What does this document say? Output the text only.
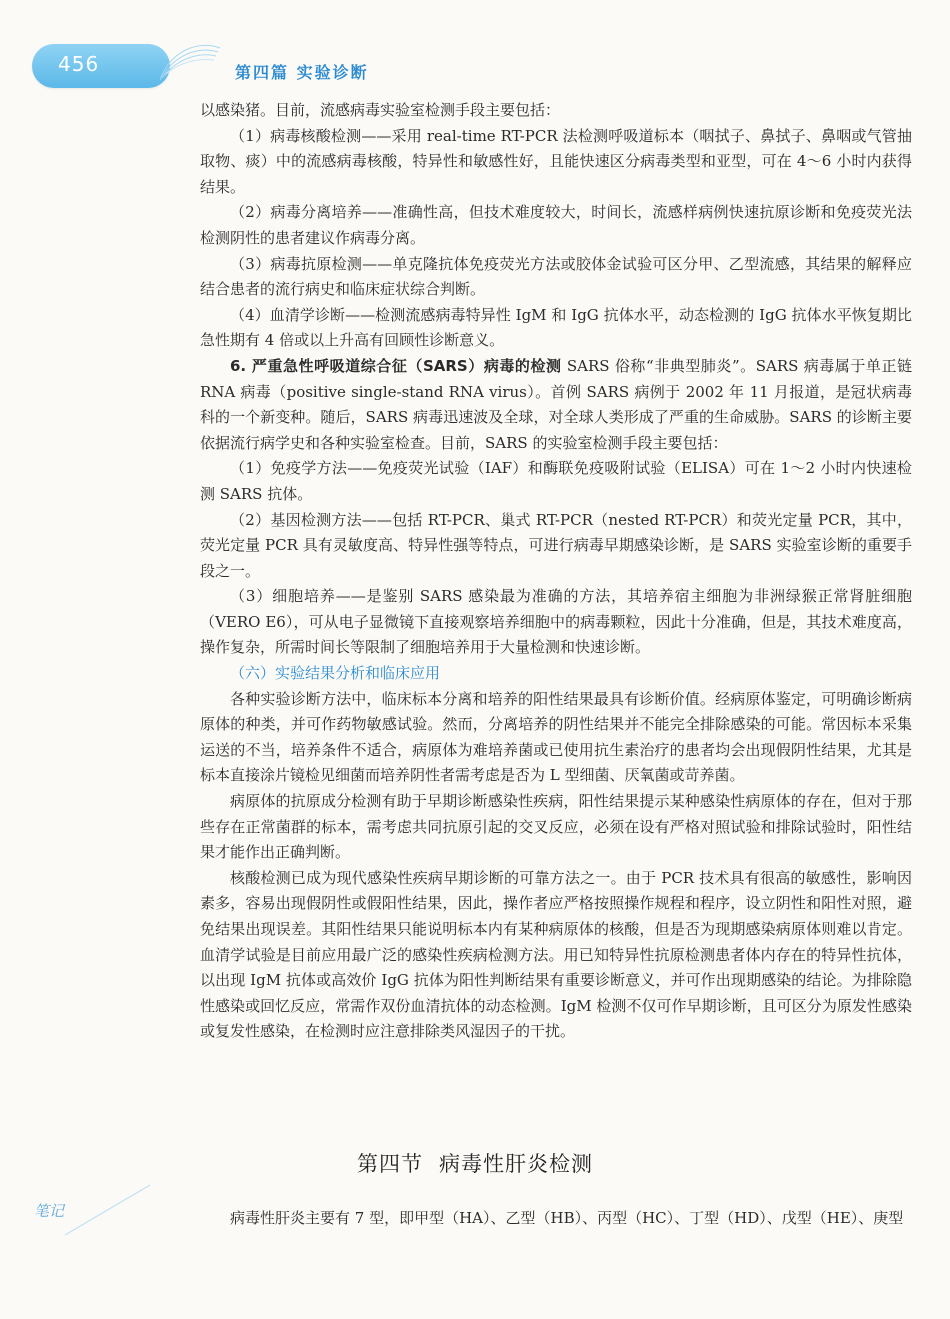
456	第四篇 实验诊断

以感染猪。目前，流感病毒实验室检测手段主要包括：

（1）病毒核酸检测——采用 real-time RT-PCR 法检测呼吸道标本（咽拭子、鼻拭子、鼻咽或气管抽取物、痰）中的流感病毒核酸，特异性和敏感性好，且能快速区分病毒类型和亚型，可在 4～6 小时内获得结果。

（2）病毒分离培养——准确性高，但技术难度较大，时间长，流感样病例快速抗原诊断和免疫荧光法检测阴性的患者建议作病毒分离。

（3）病毒抗原检测——单克隆抗体免疫荧光方法或胶体金试验可区分甲、乙型流感，其结果的解释应结合患者的流行病史和临床症状综合判断。

（4）血清学诊断——检测流感病毒特异性 IgM 和 IgG 抗体水平，动态检测的 IgG 抗体水平恢复期比急性期有 4 倍或以上升高有回顾性诊断意义。

6. 严重急性呼吸道综合征（SARS）病毒的检测 SARS 俗称“非典型肺炎”。SARS 病毒属于单正链 RNA 病毒（positive single-stand RNA virus）。首例 SARS 病例于 2002 年 11 月报道，是冠状病毒科的一个新变种。随后，SARS 病毒迅速波及全球，对全球人类形成了严重的生命威胁。SARS 的诊断主要依据流行病学史和各种实验室检查。目前，SARS 的实验室检测手段主要包括：

（1）免疫学方法——免疫荧光试验（IAF）和酶联免疫吸附试验（ELISA）可在 1～2 小时内快速检测 SARS 抗体。

（2）基因检测方法——包括 RT-PCR、巢式 RT-PCR（nested RT-PCR）和荧光定量 PCR，其中，荧光定量 PCR 具有灵敏度高、特异性强等特点，可进行病毒早期感染诊断，是 SARS 实验室诊断的重要手段之一。

（3）细胞培养——是鉴别 SARS 感染最为准确的方法，其培养宿主细胞为非洲绿猴正常肾脏细胞（VERO E6），可从电子显微镜下直接观察培养细胞中的病毒颗粒，因此十分准确，但是，其技术难度高，操作复杂，所需时间长等限制了细胞培养用于大量检测和快速诊断。

（六）实验结果分析和临床应用

各种实验诊断方法中，临床标本分离和培养的阳性结果最具有诊断价值。经病原体鉴定，可明确诊断病原体的种类，并可作药物敏感试验。然而，分离培养的阴性结果并不能完全排除感染的可能。常因标本采集运送的不当，培养条件不适合，病原体为难培养菌或已使用抗生素治疗的患者均会出现假阴性结果，尤其是标本直接涂片镜检见细菌而培养阴性者需考虑是否为 L 型细菌、厌氧菌或苛养菌。

病原体的抗原成分检测有助于早期诊断感染性疾病，阳性结果提示某种感染性病原体的存在，但对于那些存在正常菌群的标本，需考虑共同抗原引起的交叉反应，必须在设有严格对照试验和排除试验时，阳性结果才能作出正确判断。

核酸检测已成为现代感染性疾病早期诊断的可靠方法之一。由于 PCR 技术具有很高的敏感性，影响因素多，容易出现假阴性或假阳性结果，因此，操作者应严格按照操作规程和程序，设立阴性和阳性对照，避免结果出现误差。其阳性结果只能说明标本内有某种病原体的核酸，但是否为现期感染病原体则难以肯定。血清学试验是目前应用最广泛的感染性疾病检测方法。用已知特异性抗原检测患者体内存在的特异性抗体，以出现 IgM 抗体或高效价 IgG 抗体为阳性判断结果有重要诊断意义，并可作出现期感染的结论。为排除隐性感染或回忆反应，常需作双份血清抗体的动态检测。IgM 检测不仅可作早期诊断，且可区分为原发性感染或复发性感染，在检测时应注意排除类风湿因子的干扰。

第四节 病毒性肝炎检测
笔记	病毒性肝炎主要有 7 型，即甲型（HA）、乙型（HB）、丙型（HC）、丁型（HD）、戊型（HE）、庚型
